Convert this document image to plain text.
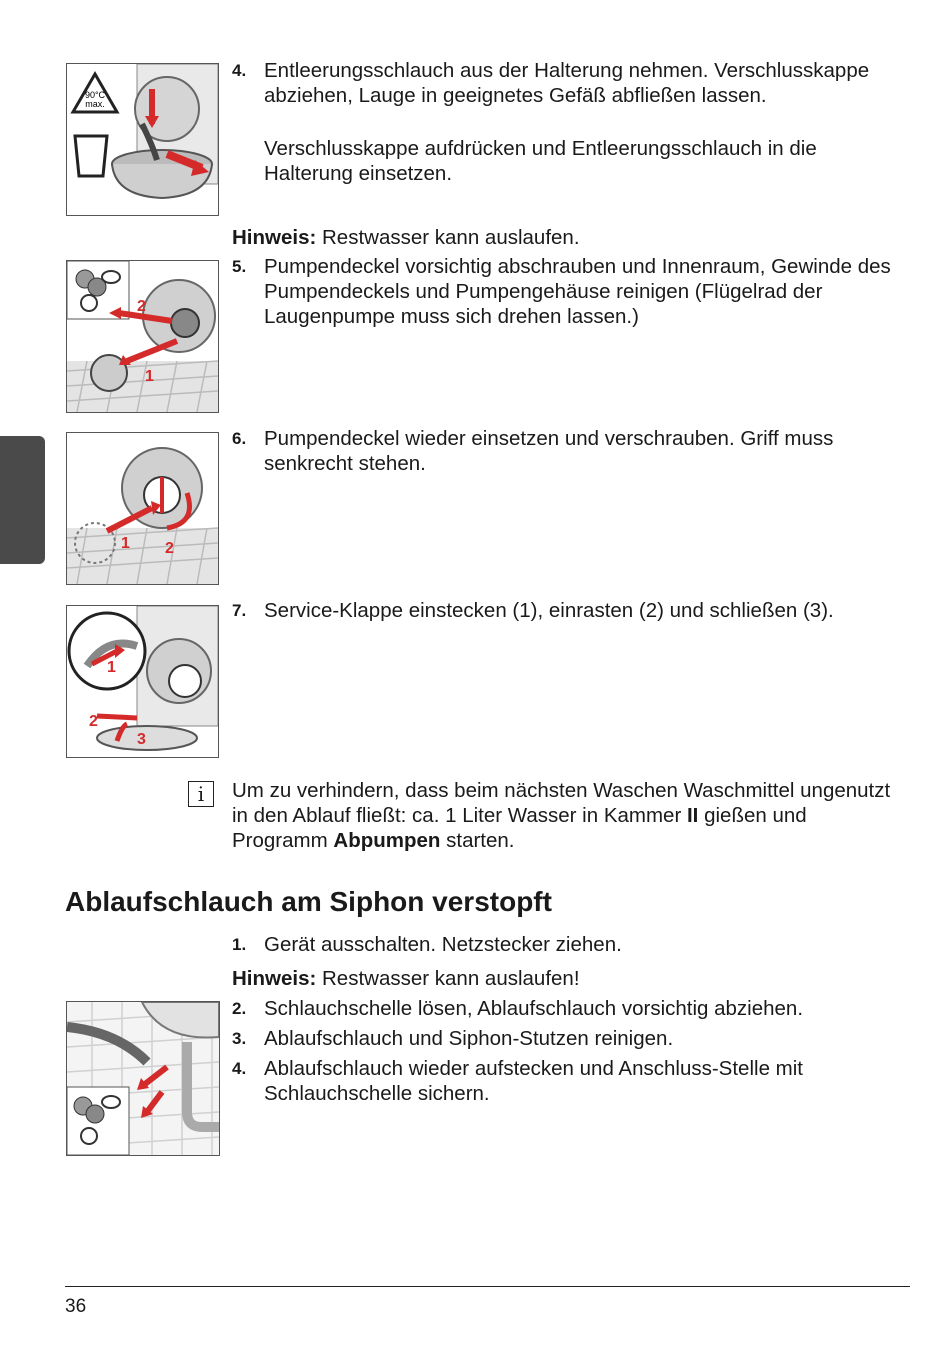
90°C
max.
4. Entleerungsschlauch aus der Halterung nehmen. Verschlusskappe abziehen, Lauge in geeignetes Gefäß abfließen lassen.
Verschlusskappe aufdrücken und Entleerungsschlauch in die Halterung einsetzen.
Hinweis: Restwasser kann auslaufen.
2
1
5. Pumpendeckel vorsichtig abschrauben und Innenraum, Gewinde des Pumpendeckels und Pumpengehäuse reinigen (Flügelrad der Laugenpumpe muss sich drehen lassen.)
1 2
6. Pumpendeckel wieder einsetzen und verschrauben. Griff muss senkrecht stehen.
1
2
3
7. Service-Klappe einstecken (1), einrasten (2) und schließen (3).
i	Um zu verhindern, dass beim nächsten Waschen Waschmittel ungenutzt in den Ablauf fließt: ca. 1 Liter Wasser in Kammer II gießen und Programm Abpumpen starten.
Ablaufschlauch am Siphon verstopft
1. Gerät ausschalten. Netzstecker ziehen.
Hinweis: Restwasser kann auslaufen!
2. Schlauchschelle lösen, Ablaufschlauch vorsichtig abziehen.
3. Ablaufschlauch und Siphon-Stutzen reinigen.
4. Ablaufschlauch wieder aufstecken und Anschluss-Stelle mit Schlauchschelle sichern.
36
